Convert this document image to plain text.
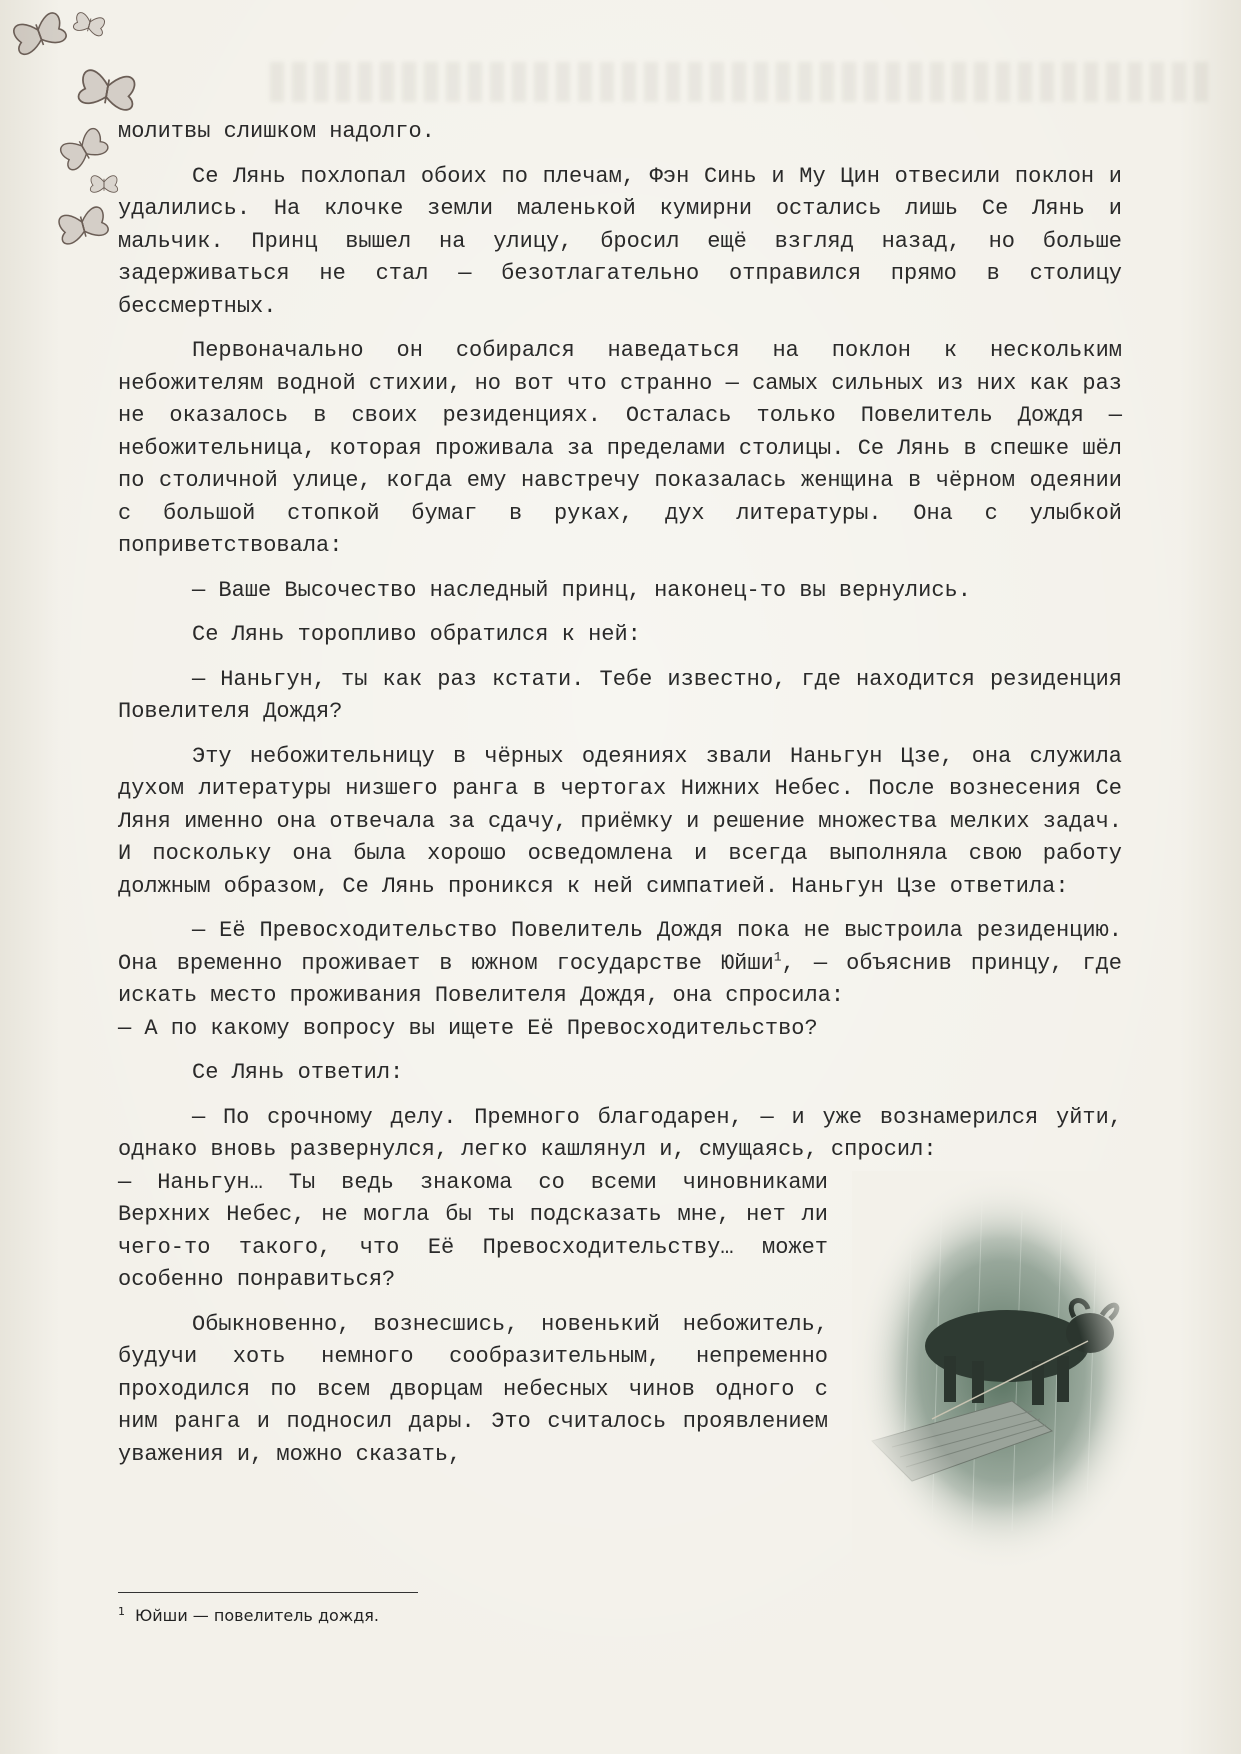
молитвы слишком надолго.

Се Лянь похлопал обоих по плечам, Фэн Синь и Му Цин отвесили поклон и удалились. На клочке земли маленькой кумирни остались лишь Се Лянь и мальчик. Принц вышел на улицу, бросил ещё взгляд назад, но больше задерживаться не стал — безотлагательно отправился прямо в столицу бессмертных.

Первоначально он собирался наведаться на поклон к нескольким небожителям водной стихии, но вот что странно — самых сильных из них как раз не оказалось в своих резиденциях. Осталась только Повелитель Дождя — небожительница, которая проживала за пределами столицы. Се Лянь в спешке шёл по столичной улице, когда ему навстречу показалась женщина в чёрном одеянии с большой стопкой бумаг в руках, дух литературы. Она с улыбкой поприветствовала:

— Ваше Высочество наследный принц, наконец-то вы вернулись.

Се Лянь торопливо обратился к ней:

— Наньгун, ты как раз кстати. Тебе известно, где находится резиденция Повелителя Дождя?

Эту небожительницу в чёрных одеяниях звали Наньгун Цзе, она служила духом литературы низшего ранга в чертогах Нижних Небес. После вознесения Се Ляня именно она отвечала за сдачу, приёмку и решение множества мелких задач. И поскольку она была хорошо осведомлена и всегда выполняла свою работу должным образом, Се Лянь проникся к ней симпатией. Наньгун Цзе ответила:

— Её Превосходительство Повелитель Дождя пока не выстроила резиденцию. Она временно проживает в южном государстве Юйши$^1$, — объяснив принцу, где искать место проживания Повелителя Дождя, она спросила:

— А по какому вопросу вы ищете Её Превосходительство?

Се Лянь ответил:

— По срочному делу. Премного благодарен, — и уже вознамерился уйти, однако вновь развернулся, легко кашлянул и, смущаясь, спросил:

— Наньгун… Ты ведь знакома со всеми чиновниками Верхних Небес, не могла бы ты подсказать мне, нет ли чего-то такого, что Её Превосходительству… может особенно понравиться?

Обыкновенно, вознесшись, новенький небожитель, будучи хоть немного сообразительным, непременно проходился по всем дворцам небесных чинов одного с ним ранга и подносил дары. Это считалось проявлением уважения и, можно сказать,

$^1$ Юйши — повелитель дождя.
